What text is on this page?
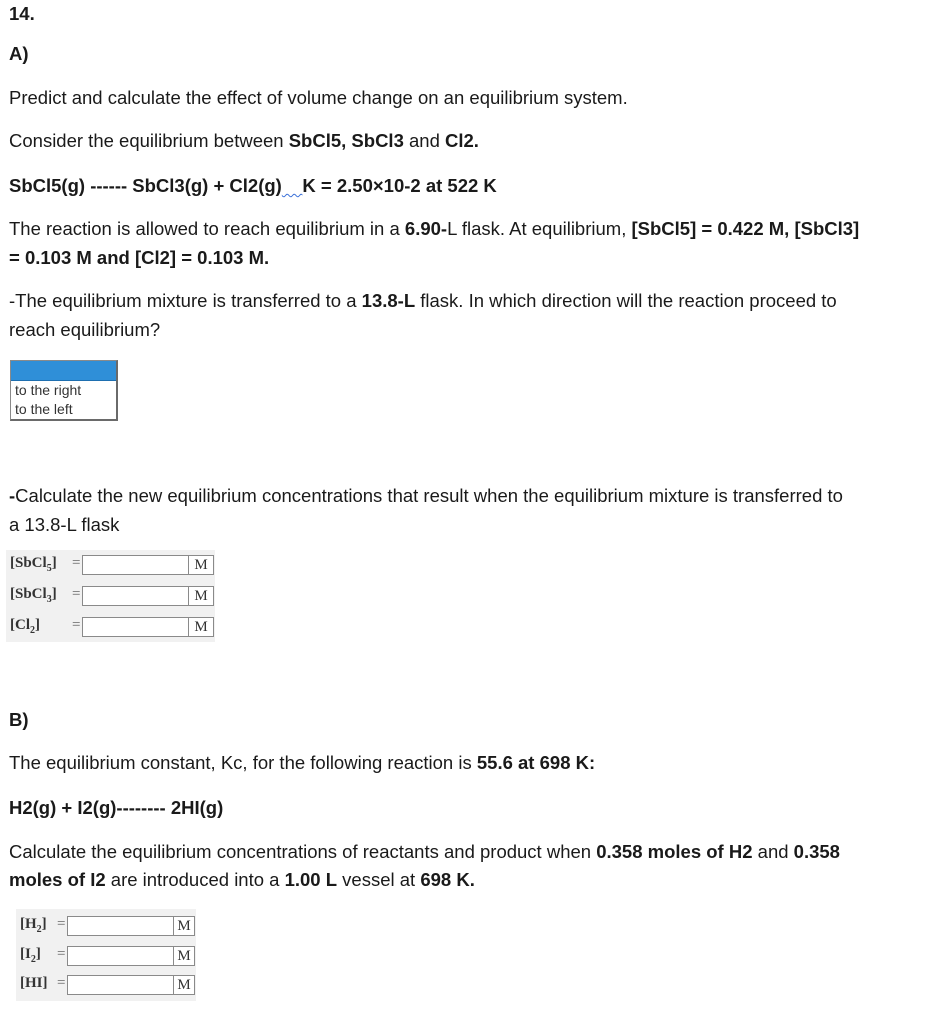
14.
A)
Predict and calculate the effect of volume change on an equilibrium system.
Consider the equilibrium between SbCl5, SbCl3 and Cl2.
SbCl5(g) ------ SbCl3(g) + Cl2(g) K = 2.50×10-2 at 522 K
The reaction is allowed to reach equilibrium in a 6.90-L flask. At equilibrium, [SbCl5] = 0.422 M, [SbCl3]
= 0.103 M and [Cl2] = 0.103 M.
-The equilibrium mixture is transferred to a 13.8-L flask. In which direction will the reaction proceed to
reach equilibrium?
to the right
to the left
-Calculate the new equilibrium concentrations that result when the equilibrium mixture is transferred to
a 13.8-L flask
[SbCl$_5$] =	M
[SbCl$_3$] =	M
$[Cl_2]$ =	M
B)
The equilibrium constant, Kc, for the following reaction is 55.6 at 698 K:
H2(g) + I2(g)-------- 2HI(g)
Calculate the equilibrium concentrations of reactants and product when 0.358 moles of H2 and 0.358
moles of I2 are introduced into a 1.00 L vessel at 698 K.
$[H_2]$ =	M
$[I_2]$ =	M
[HI] =	M
